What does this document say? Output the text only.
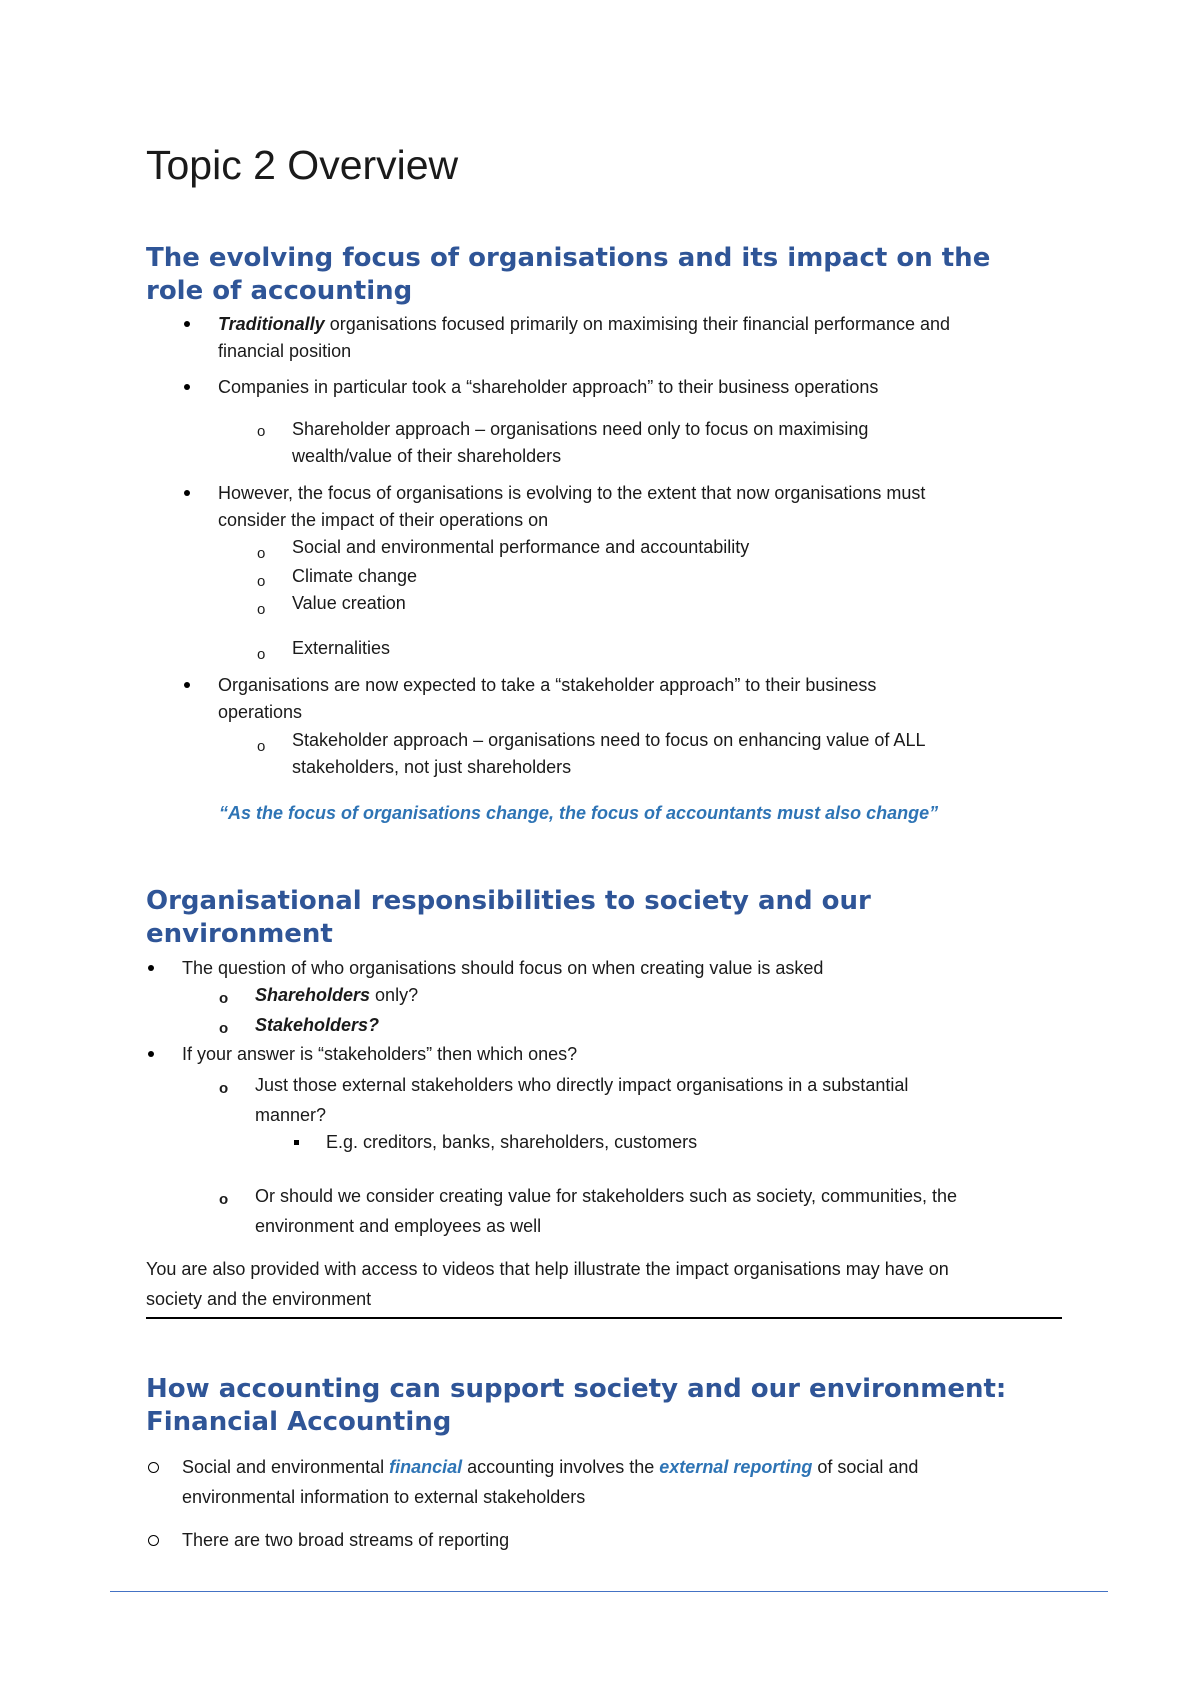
Topic 2 Overview
The evolving focus of organisations and its impact on the
role of accounting
Traditionally organisations focused primarily on maximising their financial performance and
financial position
Companies in particular took a “shareholder approach” to their business operations
o Shareholder approach – organisations need only to focus on maximising
wealth/value of their shareholders
However, the focus of organisations is evolving to the extent that now organisations must
consider the impact of their operations on
o Social and environmental performance and accountability
o Climate change
o Value creation
o Externalities
Organisations are now expected to take a “stakeholder approach” to their business
operations
o Stakeholder approach – organisations need to focus on enhancing value of ALL
stakeholders, not just shareholders
“As the focus of organisations change, the focus of accountants must also change”
Organisational responsibilities to society and our
environment
The question of who organisations should focus on when creating value is asked
o Shareholders only?
o Stakeholders?
If your answer is “stakeholders” then which ones?
o Just those external stakeholders who directly impact organisations in a substantial
manner?
E.g. creditors, banks, shareholders, customers
o Or should we consider creating value for stakeholders such as society, communities, the
environment and employees as well
You are also provided with access to videos that help illustrate the impact organisations may have on
society and the environment
How accounting can support society and our environment:
Financial Accounting
Social and environmental financial accounting involves the external reporting of social and
environmental information to external stakeholders
There are two broad streams of reporting
